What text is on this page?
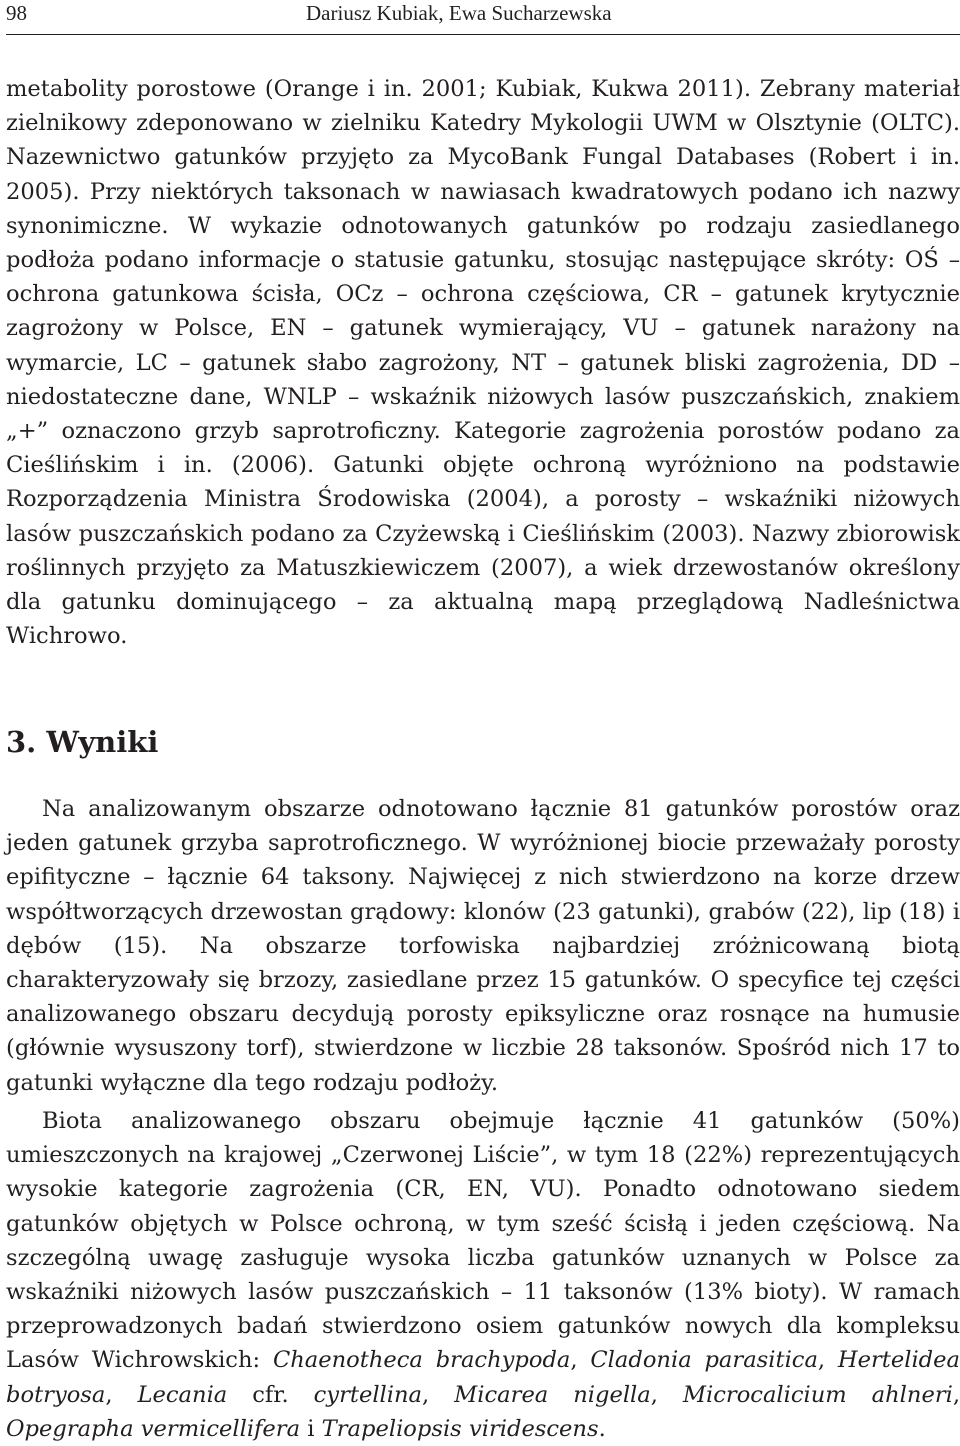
98	Dariusz Kubiak, Ewa Sucharzewska

metabolity porostowe (Orange i in. 2001; Kubiak, Kukwa 2011). Zebrany materiał zielnikowy zdeponowano w zielniku Katedry Mykologii UWM w Olsztynie (OLTC). Nazewnictwo gatunków przyjęto za MycoBank Fungal Databases (Robert i in. 2005). Przy niektórych taksonach w nawiasach kwadratowych podano ich nazwy synonimiczne. W wykazie odnotowanych gatunków po rodzaju zasiedlanego podłoża podano informacje o statusie gatunku, stosując następujące skróty: OŚ – ochrona gatunkowa ścisła, OCz – ochrona częściowa, CR – gatunek krytycznie zagrożony w Polsce, EN – gatunek wymierający, VU – gatunek narażony na wymarcie, LC – gatunek słabo zagrożony, NT – gatunek bliski zagrożenia, DD – niedostateczne dane, WNLP – wskaźnik niżowych lasów puszczańskich, znakiem „+” oznaczono grzyb saprotroficzny. Kategorie zagrożenia porostów podano za Cieślińskim i in. (2006). Gatunki objęte ochroną wyróżniono na podstawie Rozporządzenia Ministra Środowiska (2004), a porosty – wskaźniki niżowych lasów puszczańskich podano za Czyżewską i Cieślińskim (2003). Nazwy zbiorowisk roślinnych przyjęto za Matuszkiewiczem (2007), a wiek drzewostanów określony dla gatunku dominującego – za aktualną mapą przeglądową Nadleśnictwa Wichrowo.

3. Wyniki

Na analizowanym obszarze odnotowano łącznie 81 gatunków porostów oraz jeden gatunek grzyba saprotroficznego. W wyróżnionej biocie przeważały porosty epifityczne – łącznie 64 taksony. Najwięcej z nich stwierdzono na korze drzew współtworzących drzewostan grądowy: klonów (23 gatunki), grabów (22), lip (18) i dębów (15). Na obszarze torfowiska najbardziej zróżnicowaną biotą charakteryzowały się brzozy, zasiedlane przez 15 gatunków. O specyfice tej części analizowanego obszaru decydują porosty epiksyliczne oraz rosnące na humusie (głównie wysuszony torf), stwierdzone w liczbie 28 taksonów. Spośród nich 17 to gatunki wyłączne dla tego rodzaju podłoży.

Biota analizowanego obszaru obejmuje łącznie 41 gatunków (50%) umieszczonych na krajowej „Czerwonej Liście”, w tym 18 (22%) reprezentujących wysokie kategorie zagrożenia (CR, EN, VU). Ponadto odnotowano siedem gatunków objętych w Polsce ochroną, w tym sześć ścisłą i jeden częściową. Na szczególną uwagę zasługuje wysoka liczba gatunków uznanych w Polsce za wskaźniki niżowych lasów puszczańskich – 11 taksonów (13% bioty). W ramach przeprowadzonych badań stwierdzono osiem gatunków nowych dla kompleksu Lasów Wichrowskich: Chaenotheca brachypoda, Cladonia parasitica, Hertelidea botryosa, Lecania cfr. cyrtellina, Micarea nigella, Microcalicium ahlneri, Opegrapha vermicellifera i Trapeliopsis viridescens.
